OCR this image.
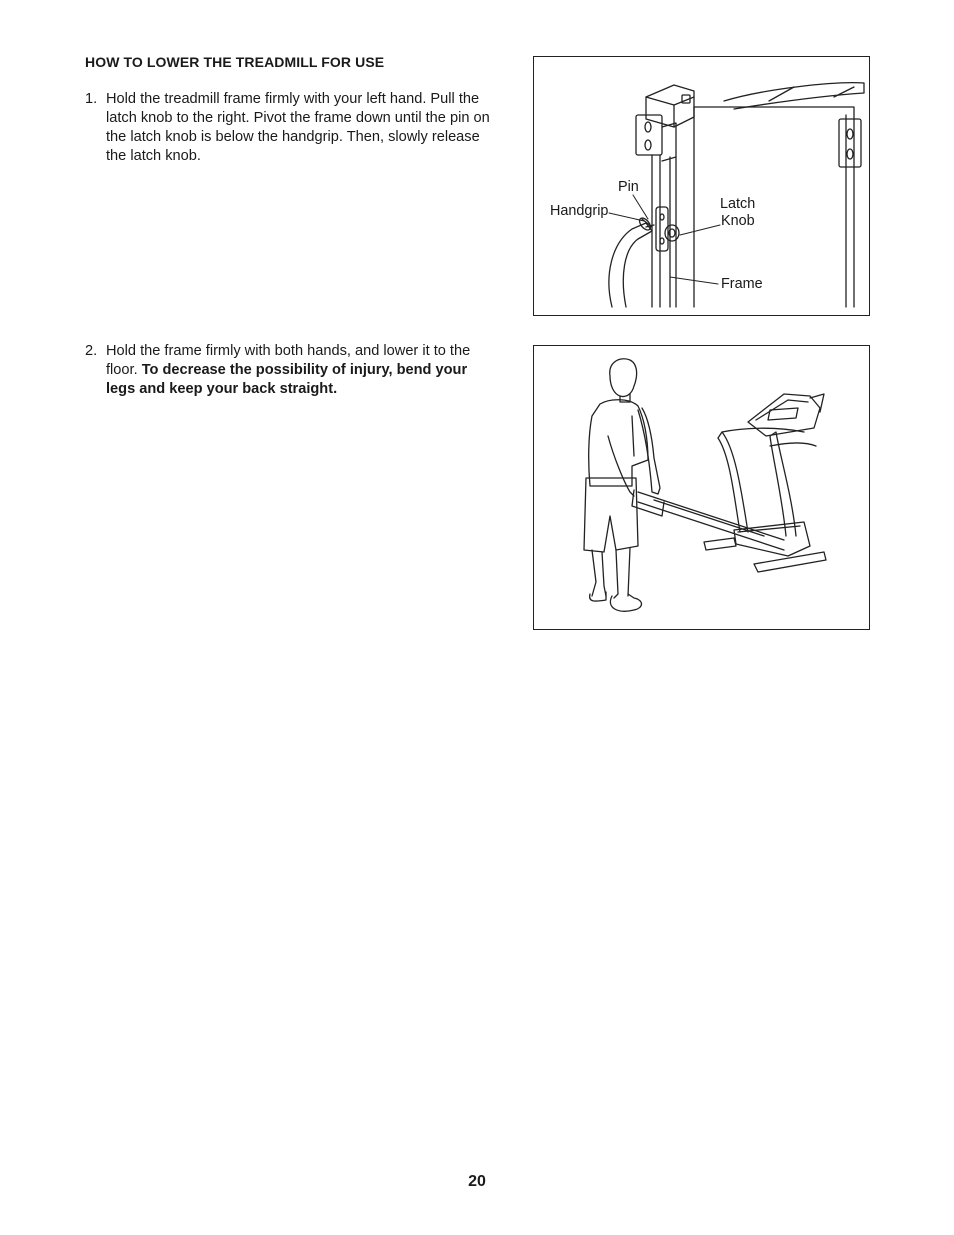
HOW TO LOWER THE TREADMILL FOR USE
1. Hold the treadmill frame firmly with your left hand. Pull the latch knob to the right. Pivot the frame down until the pin on the latch knob is below the handgrip. Then, slowly release the latch knob.
2. Hold the frame firmly with both hands, and lower it to the floor. To decrease the possibility of injury, bend your legs and keep your back straight.
Pin
Handgrip	Latch
Knob
Frame
20
